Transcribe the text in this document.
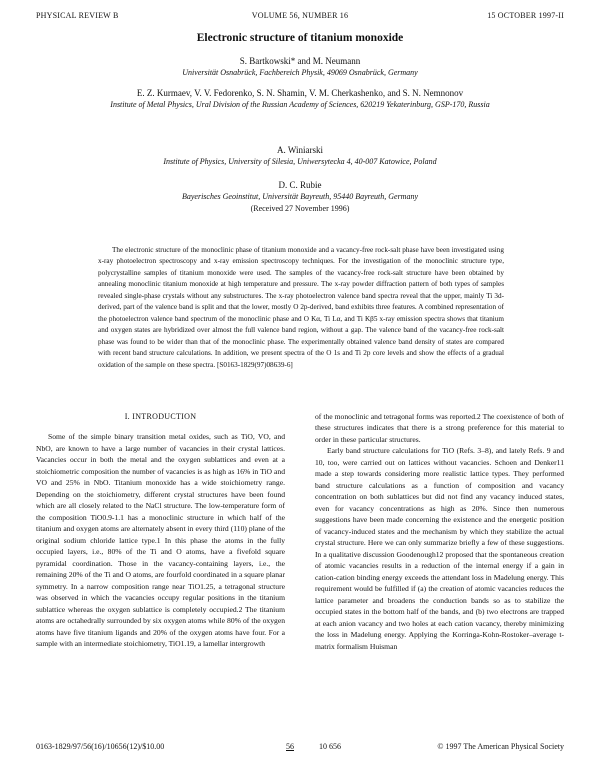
PHYSICAL REVIEW B	VOLUME 56, NUMBER 16	15 OCTOBER 1997-II
Electronic structure of titanium monoxide
S. Bartkowski* and M. Neumann
Universität Osnabrück, Fachbereich Physik, 49069 Osnabrück, Germany
E. Z. Kurmaev, V. V. Fedorenko, S. N. Shamin, V. M. Cherkashenko, and S. N. Nemnonov
Institute of Metal Physics, Ural Division of the Russian Academy of Sciences, 620219 Yekaterinburg, GSP-170, Russia
A. Winiarski
Institute of Physics, University of Silesia, Uniwersytecka 4, 40-007 Katowice, Poland
D. C. Rubie
Bayerisches Geoinstitut, Universität Bayreuth, 95440 Bayreuth, Germany
(Received 27 November 1996)

The electronic structure of the monoclinic phase of titanium monoxide and a vacancy-free rock-salt phase have been investigated using x-ray photoelectron spectroscopy and x-ray emission spectroscopy techniques. For the investigation of the monoclinic structure type, polycrystalline samples of titanium monoxide were used. The samples of the vacancy-free rock-salt structure have been obtained by annealing monoclinic titanium monoxide at high temperature and pressure. The x-ray powder diffraction pattern of both types of samples revealed single-phase crystals without any substructures. The x-ray photoelectron valence band spectra reveal that the upper, mainly Ti 3d-derived, part of the valence band is split and that the lower, mostly O 2p-derived, band exhibits three features. A combined representation of the photoelectron valence band spectrum of the monoclinic phase and O Kα, Ti Lα, and Ti Kβ5 x-ray emission spectra shows that titanium and oxygen states are hybridized over almost the full valence band region, without a gap. The valence band of the vacancy-free rock-salt phase was found to be wider than that of the monoclinic phase. The experimentally obtained valence band density of states are compared with recent band structure calculations. In addition, we present spectra of the O 1s and Ti 2p core levels and show the effects of a gradual oxidation of the sample on these spectra. [S0163-1829(97)08639-6]

I. INTRODUCTION

Some of the simple binary transition metal oxides, such as TiO, VO, and NbO, are known to have a large number of vacancies in their crystal lattices. Vacancies occur in both the metal and the oxygen sublattices and even at a stoichiometric composition the number of vacancies is as high as 16% in TiO and VO and 25% in NbO. Titanium monoxide has a wide stoichiometry range. Depending on the stoichiometry, different crystal structures have been found which are all closely related to the NaCl structure. The low-temperature form of the composition TiO0.9-1.1 has a monoclinic structure in which half of the titanium and oxygen atoms are alternately absent in every third (110) plane of the original sodium chloride lattice type.1 In this phase the atoms in the fully occupied layers, i.e., 80% of the Ti and O atoms, have a fivefold square pyramidal coordination. Those in the vacancy-containing layers, i.e., the remaining 20% of the Ti and O atoms, are fourfold coordinated in a square planar symmetry. In a narrow composition range near TiO1.25, a tetragonal structure was observed in which the vacancies occupy regular positions in the titanium sublattice whereas the oxygen sublattice is completely occupied.2 The titanium atoms are octahedrally surrounded by six oxygen atoms while 80% of the oxygen atoms have five titanium ligands and 20% of the oxygen atoms have four. For a sample with an intermediate stoichiometry, TiO1.19, a lamellar intergrowth

of the monoclinic and tetragonal forms was reported.2 The coexistence of both of these structures indicates that there is a strong preference for this material to order in these particular structures.

Early band structure calculations for TiO (Refs. 3–8), and lately Refs. 9 and 10, too, were carried out on lattices without vacancies. Schoen and Denker11 made a step towards considering more realistic lattice types. They performed band structure calculations as a function of composition and vacancy concentration on both sublattices but did not find any vacancy induced states, even for vacancy concentrations as high as 20%. Since then numerous suggestions have been made concerning the existence and the energetic position of vacancy-induced states and the mechanism by which they stabilize the actual crystal structure. Here we can only summarize briefly a few of these suggestions. In a qualitative discussion Goodenough12 proposed that the spontaneous creation of atomic vacancies results in a reduction of the internal energy if a gain in cation-cation binding energy exceeds the attendant loss in Madelung energy. This requirement would be fulfilled if (a) the creation of atomic vacancies reduces the lattice parameter and broadens the conduction bands so as to stabilize the occupied states in the bottom half of the bands, and (b) two electrons are trapped at each anion vacancy and two holes at each cation vacancy, thereby minimizing the loss in Madelung energy. Applying the Korringa-Kohn-Rostoker–average t-matrix formalism Huisman

0163-1829/97/56(16)/10656(12)/$10.00	56	10 656	© 1997 The American Physical Society
